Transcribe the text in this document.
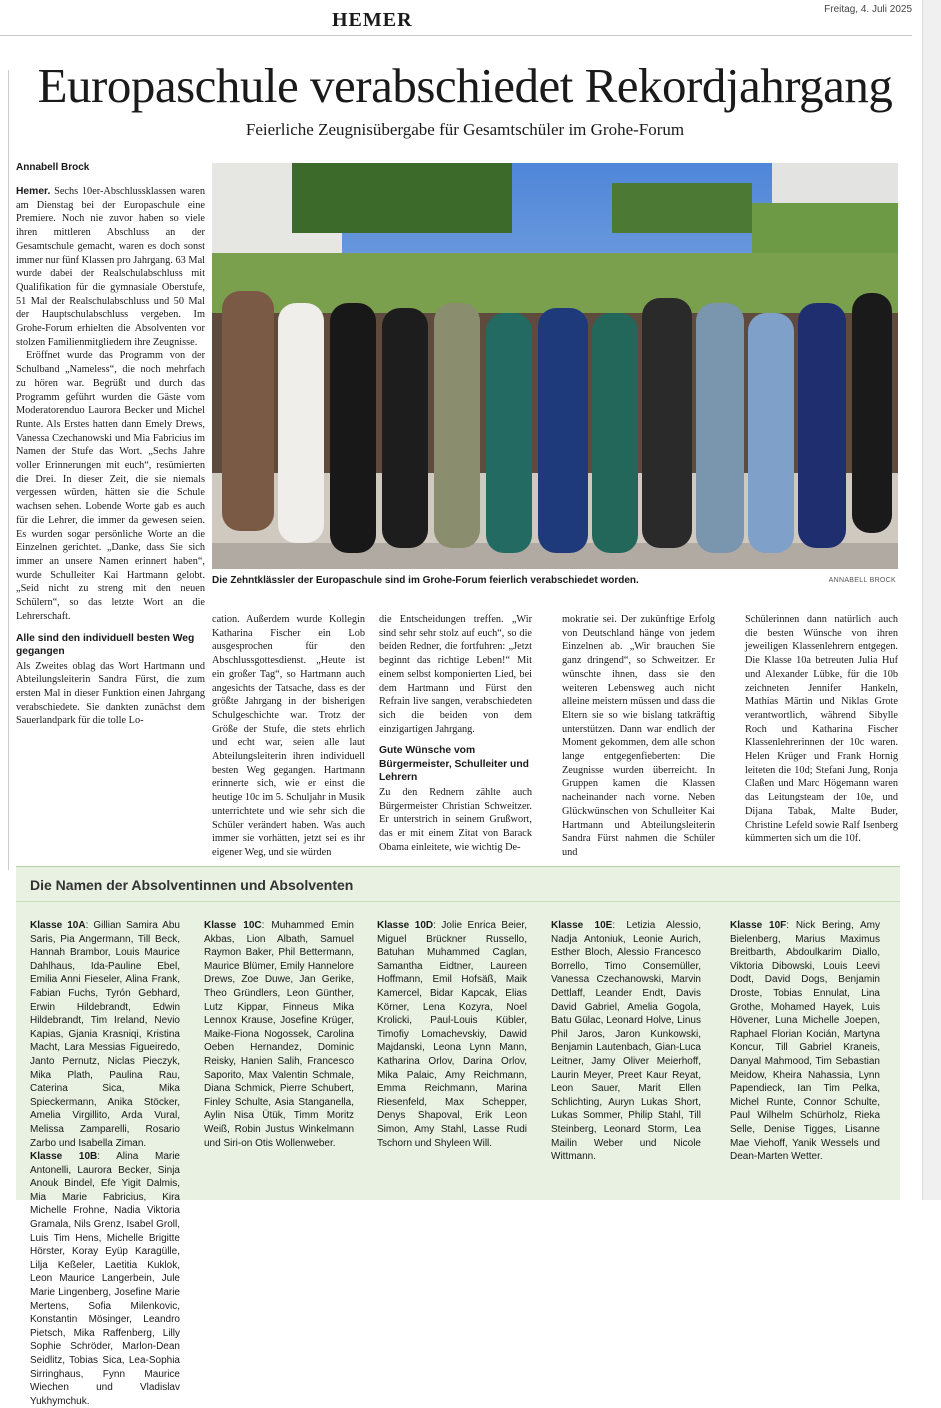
HEMER	Freitag, 4. Juli 2025
Europaschule verabschiedet Rekordjahrgang
Feierliche Zeugnisübergabe für Gesamtschüler im Grohe-Forum
Annabell Brock
Die Zehntklässler der Europaschule sind im Grohe-Forum feierlich verabschiedet worden.	ANNABELL BROCK

Hemer. Sechs 10er-Abschlussklassen waren am Dienstag bei der Europaschule eine Premiere. Noch nie zuvor haben so viele ihren mittleren Abschluss an der Gesamtschule gemacht, waren es doch sonst immer nur fünf Klassen pro Jahrgang. 63 Mal wurde dabei der Realschulabschluss mit Qualifikation für die gymnasiale Oberstufe, 51 Mal der Realschulabschluss und 50 Mal der Hauptschulabschluss vergeben. Im Grohe-Forum erhielten die Absolventen vor stolzen Familienmitgliedern ihre Zeugnisse.

Eröffnet wurde das Programm von der Schulband „Nameless“, die noch mehrfach zu hören war. Begrüßt und durch das Programm geführt wurden die Gäste vom Moderatorenduo Laurora Becker und Michel Runte. Als Erstes hatten dann Emely Drews, Vanessa Czechanowski und Mia Fabricius im Namen der Stufe das Wort. „Sechs Jahre voller Erinnerungen mit euch“, resümierten die Drei. In dieser Zeit, die sie niemals vergessen würden, hätten sie die Schule wachsen sehen. Lobende Worte gab es auch für die Lehrer, die immer da gewesen seien. Es wurden sogar persönliche Worte an die Einzelnen gerichtet. „Danke, dass Sie sich immer an unsere Namen erinnert haben“, wurde Schulleiter Kai Hartmann gelobt. „Seid nicht zu streng mit den neuen Schülern“, so das letzte Wort an die Lehrerschaft.

Alle sind den individuell besten Weg gegangen

Als Zweites oblag das Wort Hartmann und Abteilungsleiterin Sandra Fürst, die zum ersten Mal in dieser Funktion einen Jahrgang verabschiedete. Sie dankten zunächst dem Sauerlandpark für die tolle Lo-

cation. Außerdem wurde Kollegin Katharina Fischer ein Lob ausgesprochen für den Abschlussgottesdienst. „Heute ist ein großer Tag“, so Hartmann auch angesichts der Tatsache, dass es der größte Jahrgang in der bisherigen Schulgeschichte war. Trotz der Größe der Stufe, die stets ehrlich und echt war, seien alle laut Abteilungsleiterin ihren individuell besten Weg gegangen. Hartmann erinnerte sich, wie er einst die heutige 10c im 5. Schuljahr in Musik unterrichtete und wie sehr sich die Schüler verändert haben. Was auch immer sie vorhätten, jetzt sei es ihr eigener Weg, und sie würden

die Entscheidungen treffen. „Wir sind sehr sehr stolz auf euch“, so die beiden Redner, die fortfuhren: „Jetzt beginnt das richtige Leben!“ Mit einem selbst komponierten Lied, bei dem Hartmann und Fürst den Refrain live sangen, verabschiedeten sich die beiden von dem einzigartigen Jahrgang.

Gute Wünsche vom Bürgermeister, Schulleiter und Lehrern

Zu den Rednern zählte auch Bürgermeister Christian Schweitzer. Er unterstrich in seinem Grußwort, das er mit einem Zitat von Barack Obama einleitete, wie wichtig De-

mokratie sei. Der zukünftige Erfolg von Deutschland hänge von jedem Einzelnen ab. „Wir brauchen Sie ganz dringend“, so Schweitzer. Er wünschte ihnen, dass sie den weiteren Lebensweg auch nicht alleine meistern müssen und dass die Eltern sie so wie bislang tatkräftig unterstützen. Dann war endlich der Moment gekommen, dem alle schon lange entgegenfieberten: Die Zeugnisse wurden überreicht. In Gruppen kamen die Klassen nacheinander nach vorne. Neben Glückwünschen von Schulleiter Kai Hartmann und Abteilungsleiterin Sandra Fürst nahmen die Schüler und

Schülerinnen dann natürlich auch die besten Wünsche von ihren jeweiligen Klassenlehrern entgegen. Die Klasse 10a betreuten Julia Huf und Alexander Lübke, für die 10b zeichneten Jennifer Hankeln, Mathias Märtin und Niklas Grote verantwortlich, während Sibylle Roch und Katharina Fischer Klassenlehrerinnen der 10c waren. Helen Krüger und Frank Hornig leiteten die 10d; Stefani Jung, Ronja Claßen und Marc Högemann waren das Leitungsteam der 10e, und Dijana Tabak, Malte Buder, Christine Lefeld sowie Ralf Isenberg kümmerten sich um die 10f.

Die Namen der Absolventinnen und Absolventen
Klasse 10A: Gillian Samira Abu Saris, Pia Angermann, Till Beck, Hannah Brambor, Louis Maurice Dahlhaus, Ida-Pauline Ebel, Emilia Anni Fieseler, Alina Frank, Fabian Fuchs, Tyrón Gebhard, Erwin Hildebrandt, Edwin Hildebrandt, Tim Ireland, Nevio Kapias, Gjania Krasniqi, Kristina Macht, Lara Messias Figueiredo, Janto Pernutz, Niclas Pieczyk, Mika Plath, Paulina Rau, Caterina Sica, Mika Spieckermann, Anika Stöcker, Amelia Virgillito, Arda Vural, Melissa Zamparelli, Rosario Zarbo und Isabella Ziman.
Klasse 10B: Alina Marie Antonelli, Laurora Becker, Sinja Anouk Bindel, Efe Yigit Dalmis, Mia Marie Fabricius, Kira Michelle Frohne, Nadia Viktoria Gramala, Nils Grenz, Isabel Groll, Luis Tim Hens, Michelle Brigitte Hörster, Koray Eyüp Karagülle, Lilja Keßeler, Laetitia Kuklok, Leon Maurice Langerbein, Jule Marie Lingenberg, Josefine Marie Mertens, Sofia Milenkovic, Konstantin Mösinger, Leandro Pietsch, Mika Raffenberg, Lilly Sophie Schröder, Marlon-Dean Seidlitz, Tobias Sica, Lea-Sophia Sirringhaus, Fynn Maurice Wiechen und Vladislav Yukhymchuk.
Klasse 10C: Muhammed Emin Akbas, Lion Albath, Samuel Raymon Baker, Phil Bettermann, Maurice Blümer, Emily Hannelore Drews, Zoe Duwe, Jan Gerike, Theo Gründlers, Leon Günther, Lutz Kippar, Finneus Mika Lennox Krause, Josefine Krüger, Maike-Fiona Nogossek, Carolina Oeben Hernandez, Dominic Reisky, Hanien Salih, Francesco Saporito, Max Valentin Schmale, Diana Schmick, Pierre Schubert, Finley Schulte, Asia Stanganella, Aylin Nisa Ütük, Timm Moritz Weiß, Robin Justus Winkelmann und Siri-on Otis Wollenweber.
Klasse 10D: Jolie Enrica Beier, Miguel Brückner Russello, Batuhan Muhammed Caglan, Samantha Eidtner, Laureen Hoffmann, Emil Hofsäß, Maik Kamercel, Bidar Kapcak, Elias Körner, Lena Kozyra, Noel Krolicki, Paul-Louis Kübler, Timofiy Lomachevskiy, Dawid Majdanski, Leona Lynn Mann, Katharina Orlov, Darina Orlov, Mika Palaic, Amy Reichmann, Emma Reichmann, Marina Riesenfeld, Max Schepper, Denys Shapoval, Erik Leon Simon, Amy Stahl, Lasse Rudi Tschorn und Shyleen Will.
Klasse 10E: Letizia Alessio, Nadja Antoniuk, Leonie Aurich, Esther Bloch, Alessio Francesco Borrello, Timo Consemüller, Vanessa Czechanowski, Marvin Dettlaff, Leander Endt, Davis David Gabriel, Amelia Gogola, Batu Gülac, Leonard Holve, Linus Phil Jaros, Jaron Kunkowski, Benjamin Lautenbach, Gian-Luca Leitner, Jamy Oliver Meierhoff, Laurin Meyer, Preet Kaur Reyat, Leon Sauer, Marit Ellen Schlichting, Auryn Lukas Short, Lukas Sommer, Philip Stahl, Till Steinberg, Leonard Storm, Lea Mailin Weber und Nicole Wittmann.
Klasse 10F: Nick Bering, Amy Bielenberg, Marius Maximus Breitbarth, Abdoulkarim Diallo, Viktoria Dibowski, Louis Leevi Dodt, David Dogs, Benjamin Droste, Tobias Ennulat, Lina Grothe, Mohamed Hayek, Luis Hövener, Luna Michelle Joepen, Raphael Florian Kocián, Martyna Koncur, Till Gabriel Kraneis, Danyal Mahmood, Tim Sebastian Meidow, Kheira Nahassia, Lynn Papendieck, Ian Tim Pelka, Michel Runte, Connor Schulte, Paul Wilhelm Schürholz, Rieka Selle, Denise Tigges, Lisanne Mae Viehoff, Yanik Wessels und Dean-Marten Wetter.
